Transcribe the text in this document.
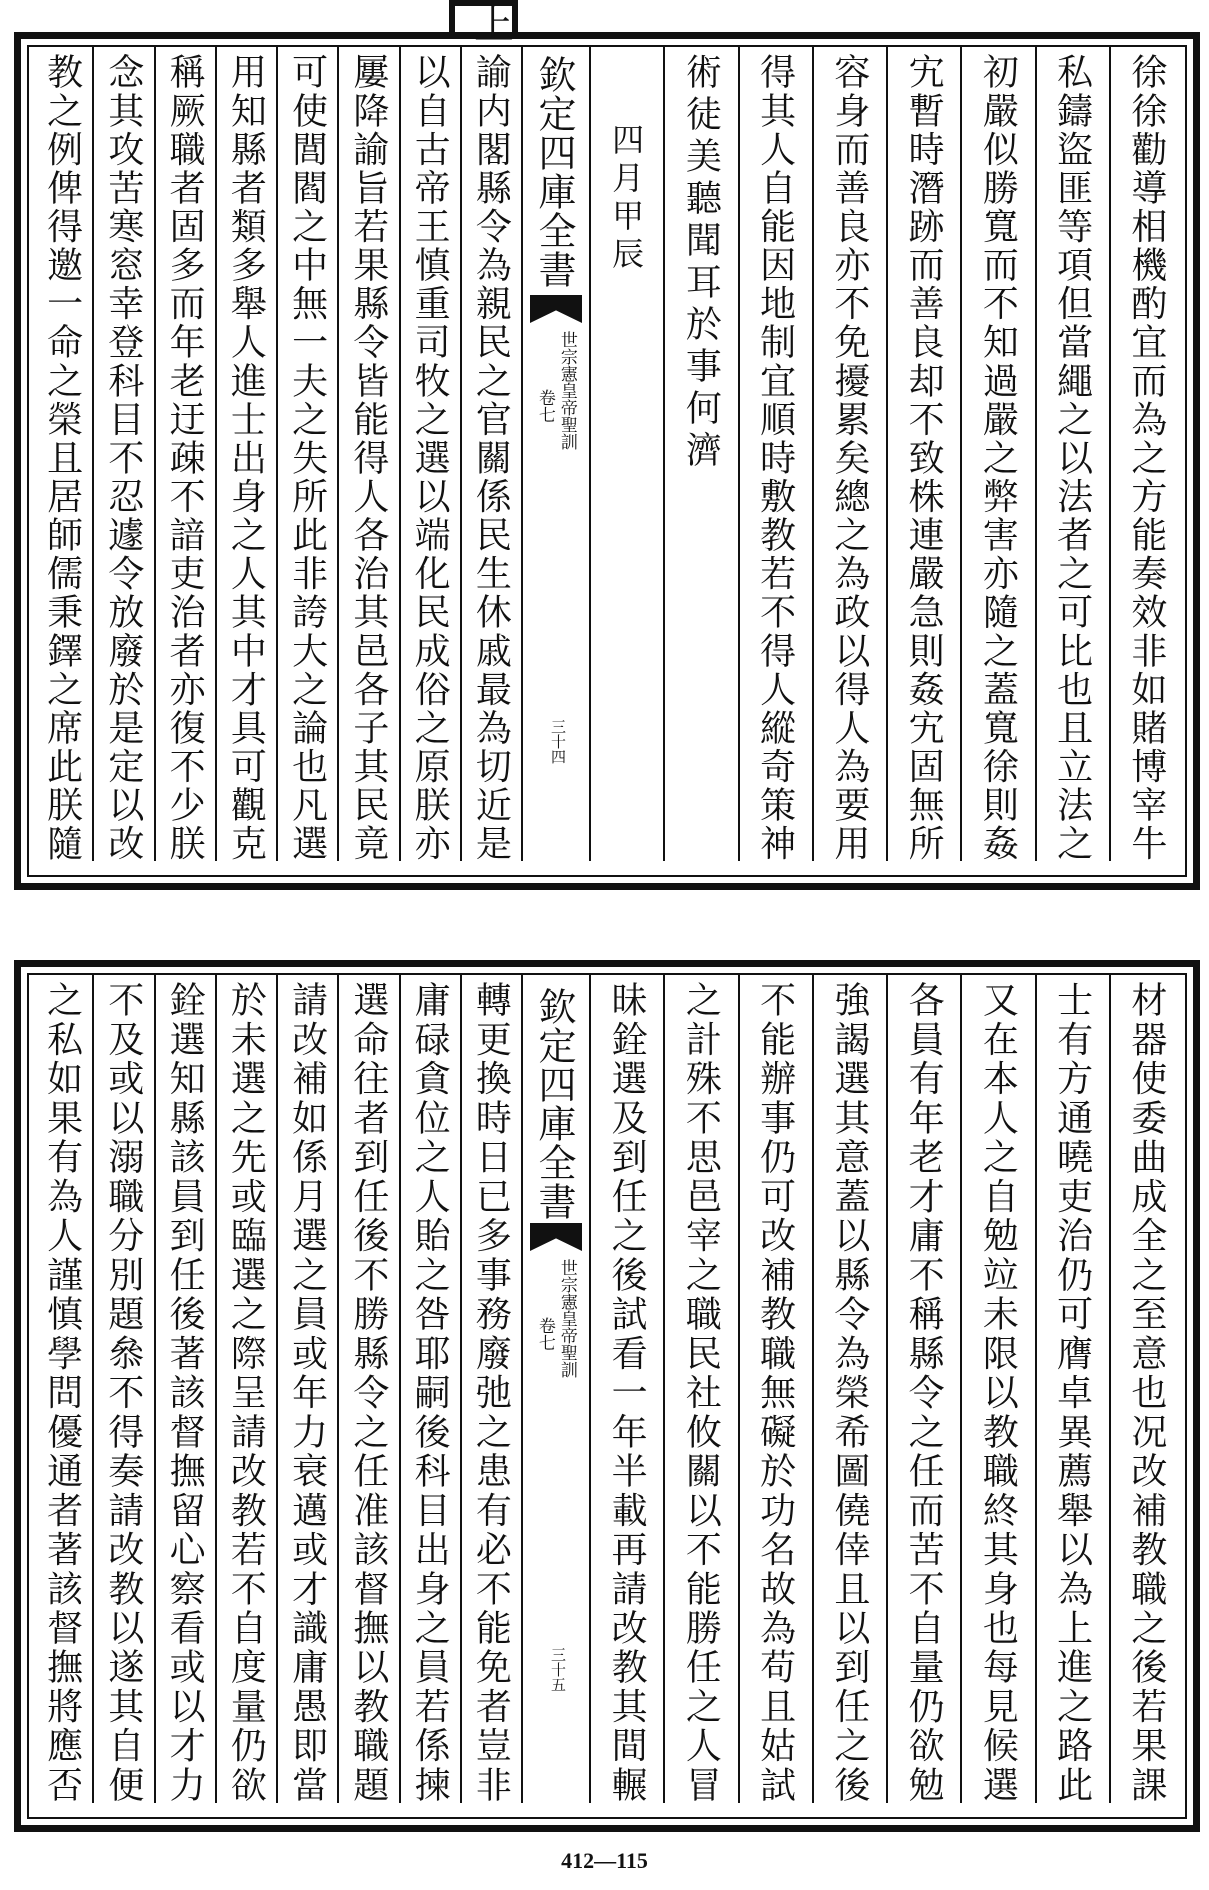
欽定四庫全書
世宗憲皇帝聖訓
卷七
三十四	徐徐勸導相機酌宜而為之方能奏效非如賭博宰牛
私鑄盜匪等項但當繩之以法者之可比也且立法之
初嚴似勝寬而不知過嚴之弊害亦隨之蓋寬徐則姦
宄暫時潛跡而善良却不致株連嚴急則姦宄固無所
容身而善良亦不免擾累矣總之為政以得人為要用
得其人自能因地制宜順時敷教若不得人縱奇策神
術徒美聽聞耳於事何濟
四月甲辰
諭内閣縣令為親民之官關係民生休戚最為切近是
以自古帝王慎重司牧之選以端化民成俗之原朕亦
屢降諭旨若果縣令皆能得人各治其邑各子其民竟
可使閭閻之中無一夫之失所此非誇大之論也凡選
用知縣者類多舉人進士出身之人其中才具可觀克
稱厥職者固多而年老迂疎不諳吏治者亦復不少朕
念其攻苦寒窓幸登科目不忍遽令放廢於是定以改
教之例俾得邀一命之榮且居師儒秉鐸之席此朕隨
上
欽定四庫全書
世宗憲皇帝聖訓
卷七
三十五	材器使委曲成全之至意也况改補教職之後若果課
士有方通曉吏治仍可膺卓異薦舉以為上進之路此
又在本人之自勉竝未限以教職終其身也每見候選
各員有年老才庸不稱縣令之任而苦不自量仍欲勉
強謁選其意蓋以縣令為榮希圖僥倖且以到任之後
不能辦事仍可改補教職無礙於功名故為苟且姑試
之計殊不思邑宰之職民社攸關以不能勝任之人冒
昧銓選及到任之後試看一年半載再請改教其間輾
轉更換時日已多事務廢弛之患有必不能免者豈非
庸碌貪位之人貽之咎耶嗣後科目出身之員若係揀
選命往者到任後不勝縣令之任准該督撫以教職題
請改補如係月選之員或年力衰邁或才識庸愚即當
於未選之先或臨選之際呈請改教若不自度量仍欲
銓選知縣該員到任後著該督撫留心察看或以才力
不及或以溺職分別題叅不得奏請改教以遂其自便
之私如果有為人謹慎學問優通者著該督撫將應否
412—115
